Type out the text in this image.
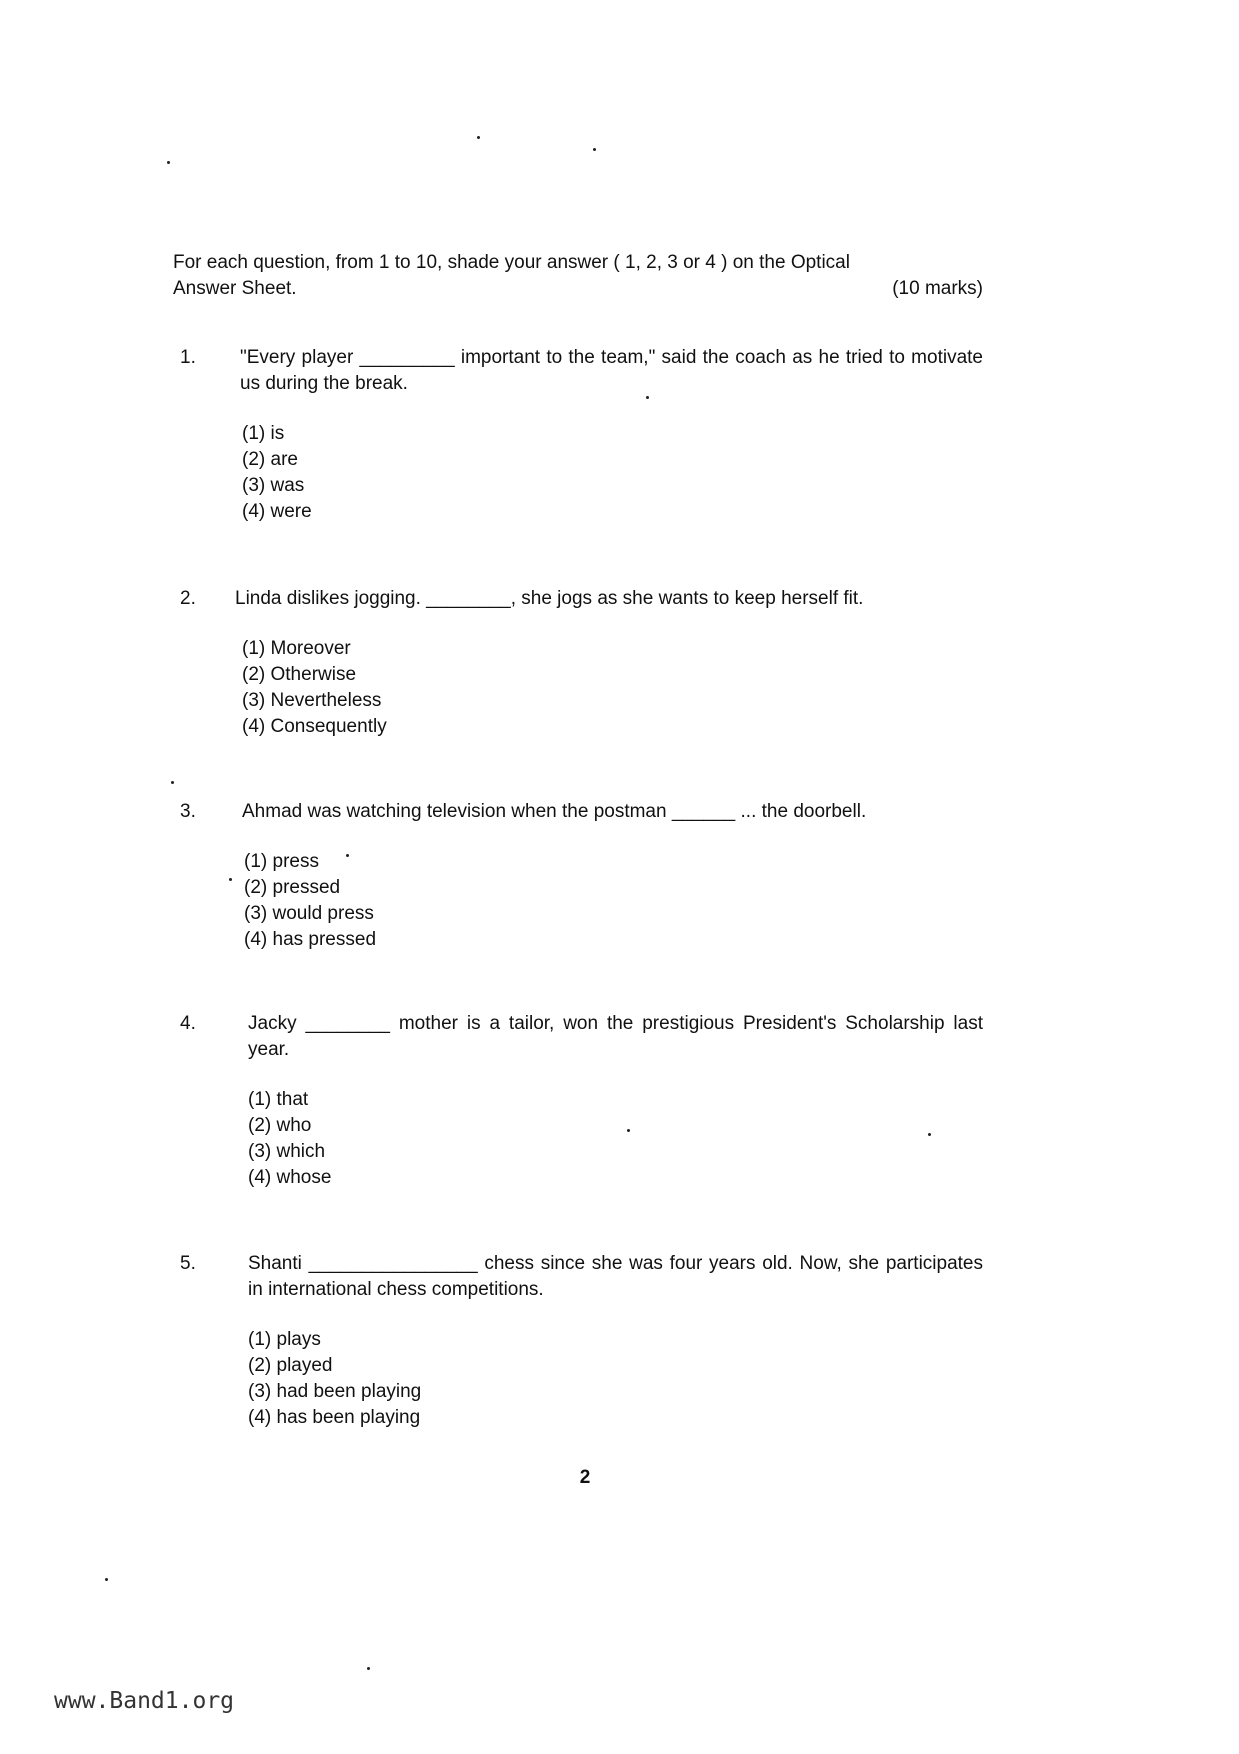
For each question, from 1 to 10, shade your answer ( 1, 2, 3 or 4 ) on the Optical
Answer Sheet.	(10 marks)
1.	"Every player _________ important to the team," said the coach as he tried to motivate us during the break.
(1) is
(2) are
(3) was
(4) were
2.	Linda dislikes jogging. ________, she jogs as she wants to keep herself fit.
(1) Moreover
(2) Otherwise
(3) Nevertheless
(4) Consequently
3.	Ahmad was watching television when the postman ______ ... the doorbell.
(1) press
(2) pressed
(3) would press
(4) has pressed
4.	Jacky ________ mother is a tailor, won the prestigious President's Scholarship last year.
(1) that
(2) who
(3) which
(4) whose
5.	Shanti ________________ chess since she was four years old. Now, she participates in international chess competitions.
(1) plays
(2) played
(3) had been playing
(4) has been playing
2
www.Band1.org
